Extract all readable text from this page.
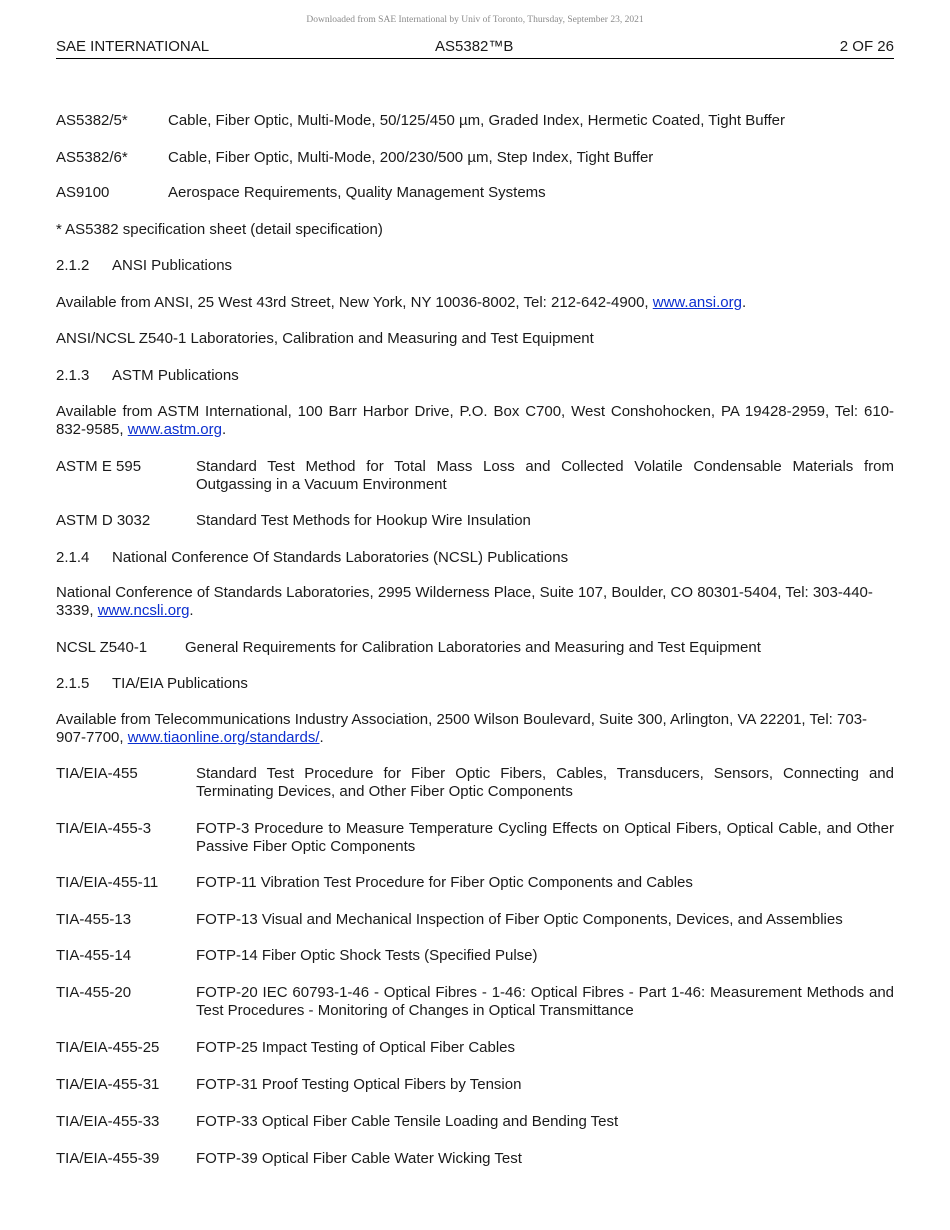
Downloaded from SAE International by Univ of Toronto, Thursday, September 23, 2021
SAE INTERNATIONAL	AS5382™B	2 OF 26
AS5382/5*	Cable, Fiber Optic, Multi-Mode, 50/125/450 µm, Graded Index, Hermetic Coated, Tight Buffer
AS5382/6*	Cable, Fiber Optic, Multi-Mode, 200/230/500 µm, Step Index, Tight Buffer
AS9100	Aerospace Requirements, Quality Management Systems
* AS5382 specification sheet (detail specification)
2.1.2 ANSI Publications
Available from ANSI, 25 West 43rd Street, New York, NY 10036-8002, Tel: 212-642-4900, www.ansi.org.
ANSI/NCSL Z540-1 Laboratories, Calibration and Measuring and Test Equipment
2.1.3 ASTM Publications
Available from ASTM International, 100 Barr Harbor Drive, P.O. Box C700, West Conshohocken, PA 19428-2959, Tel: 610-832-9585, www.astm.org.
ASTM E 595	Standard Test Method for Total Mass Loss and Collected Volatile Condensable Materials from Outgassing in a Vacuum Environment
ASTM D 3032	Standard Test Methods for Hookup Wire Insulation
2.1.4 National Conference Of Standards Laboratories (NCSL) Publications
National Conference of Standards Laboratories, 2995 Wilderness Place, Suite 107, Boulder, CO 80301-5404, Tel: 303-440-3339, www.ncsli.org.
NCSL Z540-1	General Requirements for Calibration Laboratories and Measuring and Test Equipment
2.1.5 TIA/EIA Publications
Available from Telecommunications Industry Association, 2500 Wilson Boulevard, Suite 300, Arlington, VA 22201, Tel: 703-907-7700, www.tiaonline.org/standards/.
TIA/EIA-455	Standard Test Procedure for Fiber Optic Fibers, Cables, Transducers, Sensors, Connecting and Terminating Devices, and Other Fiber Optic Components
TIA/EIA-455-3	FOTP-3 Procedure to Measure Temperature Cycling Effects on Optical Fibers, Optical Cable, and Other Passive Fiber Optic Components
TIA/EIA-455-11	FOTP-11 Vibration Test Procedure for Fiber Optic Components and Cables
TIA-455-13	FOTP-13 Visual and Mechanical Inspection of Fiber Optic Components, Devices, and Assemblies
TIA-455-14	FOTP-14 Fiber Optic Shock Tests (Specified Pulse)
TIA-455-20	FOTP-20 IEC 60793-1-46 - Optical Fibres - 1-46: Optical Fibres - Part 1-46: Measurement Methods and Test Procedures - Monitoring of Changes in Optical Transmittance
TIA/EIA-455-25 FOTP-25 Impact Testing of Optical Fiber Cables
TIA/EIA-455-31 FOTP-31 Proof Testing Optical Fibers by Tension
TIA/EIA-455-33 FOTP-33 Optical Fiber Cable Tensile Loading and Bending Test
TIA/EIA-455-39 FOTP-39 Optical Fiber Cable Water Wicking Test
